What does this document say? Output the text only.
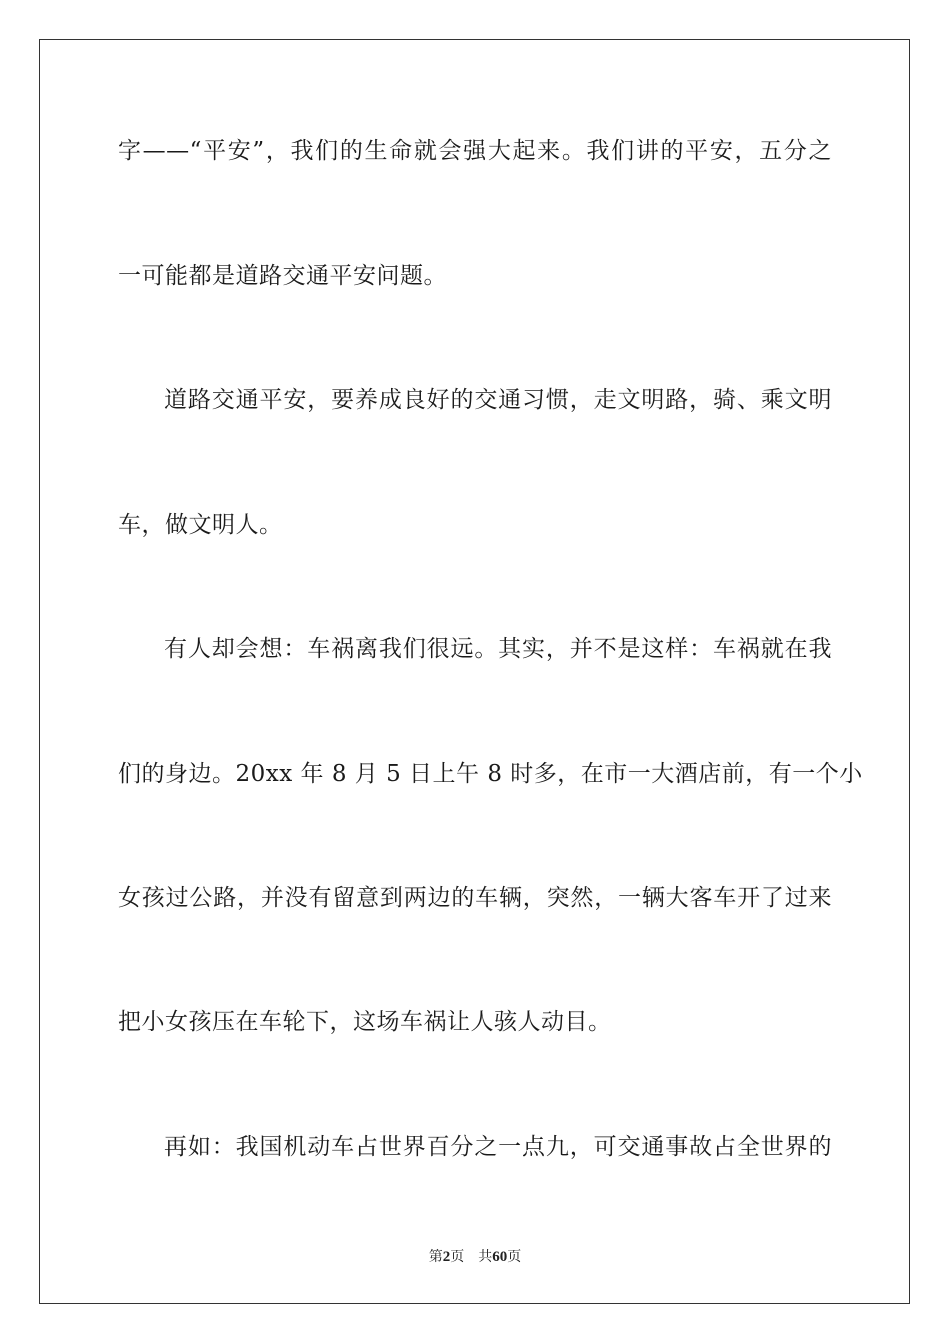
字——“平安”，我们的生命就会强大起来。我们讲的平安，五分之
一可能都是道路交通平安问题。
道路交通平安，要养成良好的交通习惯，走文明路，骑、乘文明
车，做文明人。
有人却会想：车祸离我们很远。其实，并不是这样：车祸就在我
们的身边。20xx 年 8 月 5 日上午 8 时多，在市一大酒店前，有一个小
女孩过公路，并没有留意到两边的车辆，突然，一辆大客车开了过来
把小女孩压在车轮下，这场车祸让人骇人动目。
再如：我国机动车占世界百分之一点九，可交通事故占全世界的
第2页 共60页
